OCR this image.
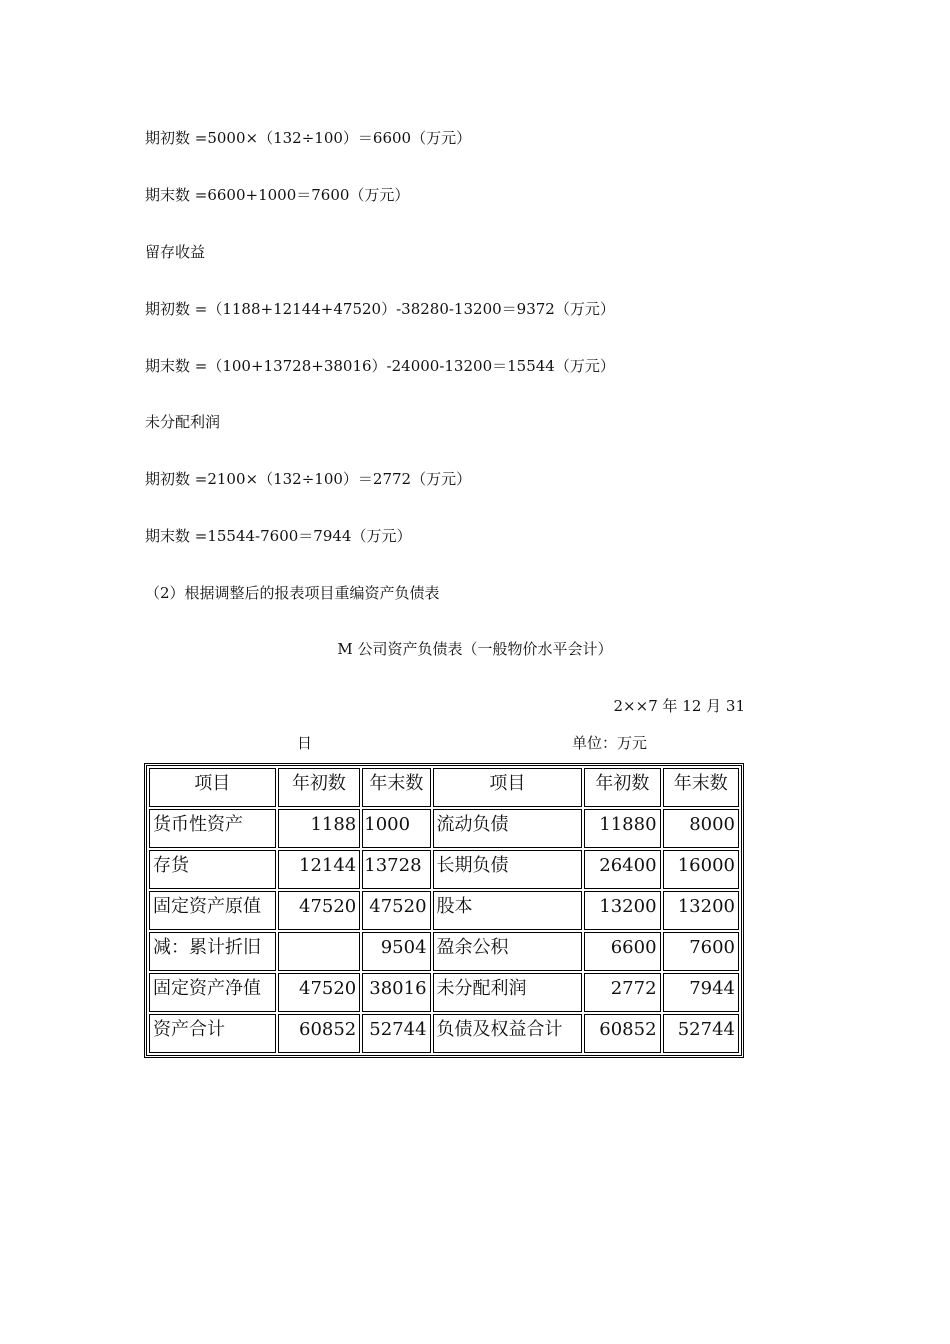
期初数 =5000×（132÷100）＝6600（万元）
期末数 =6600+1000＝7600（万元）
留存收益
期初数 =（1188+12144+47520）-38280-13200＝9372（万元）
期末数 =（100+13728+38016）-24000-13200＝15544（万元）
未分配利润
期初数 =2100×（132÷100）＝2772（万元）
期末数 =15544-7600＝7944（万元）
（2）根据调整后的报表项目重编资产负债表
M 公司资产负债表（一般物价水平会计）
2××7 年 12 月 31
日	单位：万元
项目	年初数	年末数	项目	年初数	年末数
货币性资产	1188	1000	流动负债	11880	8000
存货	12144	13728	长期负债	26400	16000
固定资产原值	47520	47520	股本	13200	13200
减：累计折旧		9504	盈余公积	6600	7600
固定资产净值	47520	38016	未分配利润	2772	7944
资产合计	60852	52744	负债及权益合计	60852	52744
